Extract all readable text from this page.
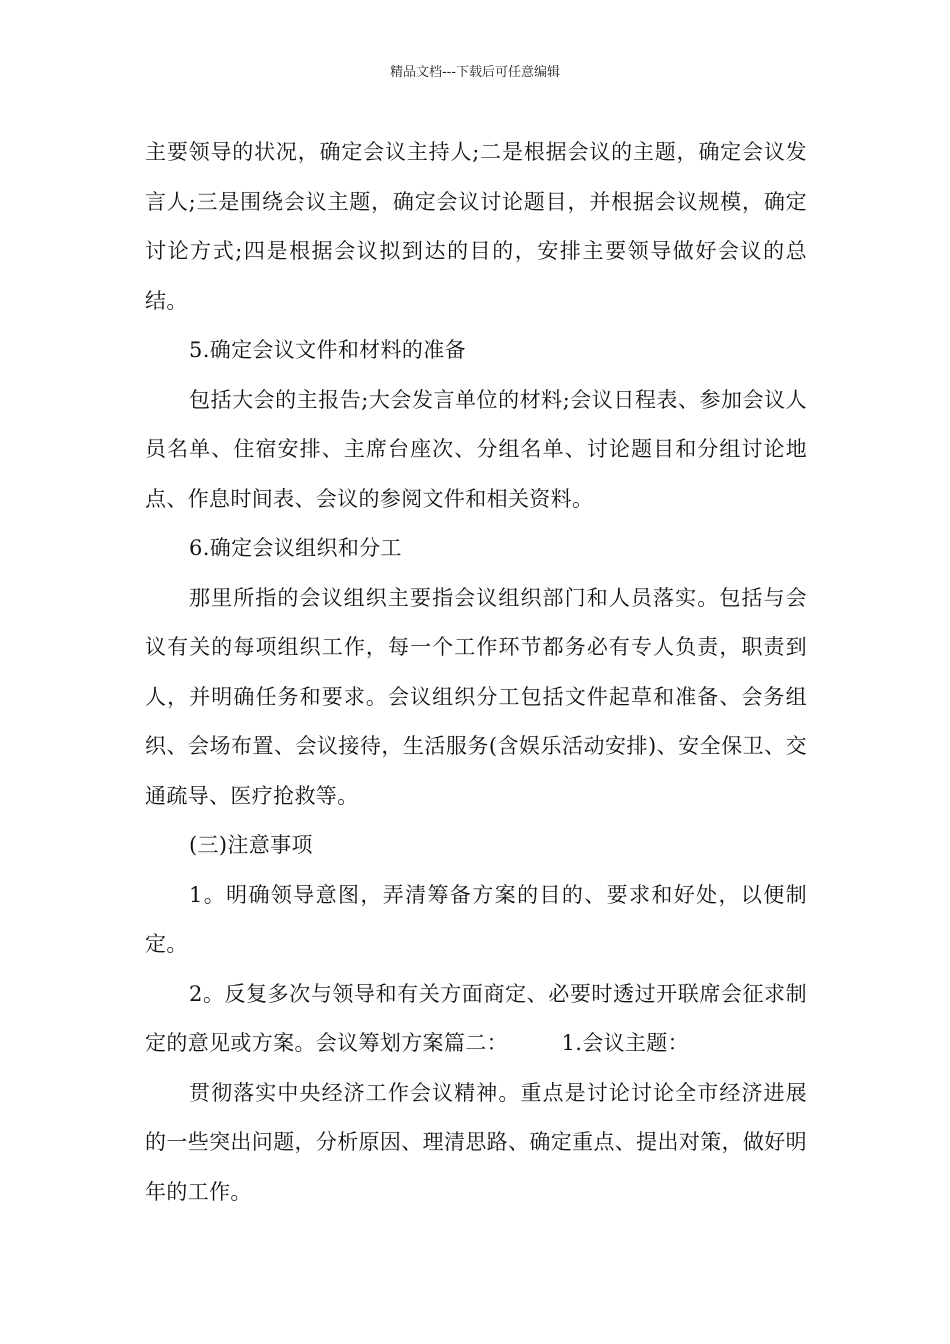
精品文档---下载后可任意编辑

主要领导的状况，确定会议主持人;二是根据会议的主题，确定会议发言人;三是围绕会议主题，确定会议讨论题目，并根据会议规模，确定讨论方式;四是根据会议拟到达的目的，安排主要领导做好会议的总结。

5.确定会议文件和材料的准备

包括大会的主报告;大会发言单位的材料;会议日程表、参加会议人员名单、住宿安排、主席台座次、分组名单、讨论题目和分组讨论地点、作息时间表、会议的参阅文件和相关资料。

6.确定会议组织和分工

那里所指的会议组织主要指会议组织部门和人员落实。包括与会议有关的每项组织工作，每一个工作环节都务必有专人负责，职责到人，并明确任务和要求。会议组织分工包括文件起草和准备、会务组织、会场布置、会议接待，生活服务(含娱乐活动安排)、安全保卫、交通疏导、医疗抢救等。

(三)注意事项

1。明确领导意图，弄清筹备方案的目的、要求和好处，以便制定。

2。反复多次与领导和有关方面商定、必要时透过开联席会征求制定的意见或方案。会议筹划方案篇二：　　　1.会议主题：

贯彻落实中央经济工作会议精神。重点是讨论讨论全市经济进展的一些突出问题，分析原因、理清思路、确定重点、提出对策，做好明年的工作。
